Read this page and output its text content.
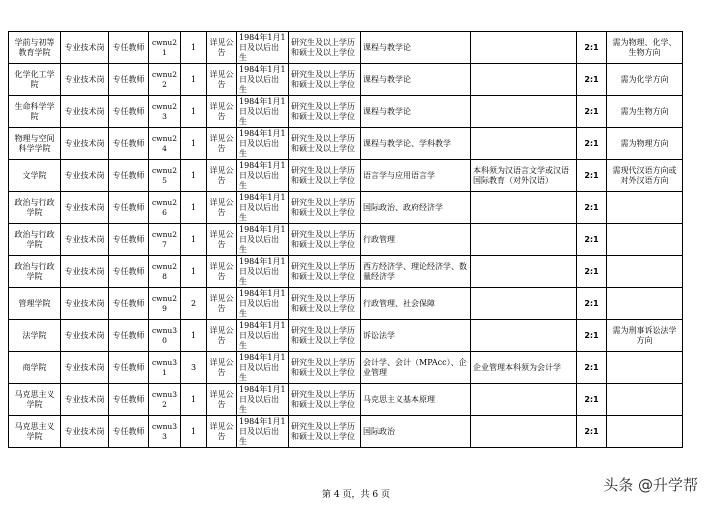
学前与初等教育学院	专业技术岗	专任教师	cwnu21	1	详见公告	1984年1月1日及以后出生	研究生及以上学历和硕士及以上学位	课程与教学论		2:1	需为物理、化学、生物方向
化学化工学院	专业技术岗	专任教师	cwnu22	1	详见公告	1984年1月1日及以后出生	研究生及以上学历和硕士及以上学位	课程与教学论		2:1	需为化学方向
生命科学学院	专业技术岗	专任教师	cwnu23	1	详见公告	1984年1月1日及以后出生	研究生及以上学历和硕士及以上学位	课程与教学论		2:1	需为生物方向
物理与空间科学学院	专业技术岗	专任教师	cwnu24	1	详见公告	1984年1月1日及以后出生	研究生及以上学历和硕士及以上学位	课程与教学论、学科教学		2:1	需为物理方向
文学院	专业技术岗	专任教师	cwnu25	1	详见公告	1984年1月1日及以后出生	研究生及以上学历和硕士及以上学位	语言学与应用语言学	本科须为汉语言文学或汉语国际教育（对外汉语）	2:1	需现代汉语方向或对外汉语方向
政治与行政学院	专业技术岗	专任教师	cwnu26	1	详见公告	1984年1月1日及以后出生	研究生及以上学历和硕士及以上学位	国际政治、政府经济学		2:1	
政治与行政学院	专业技术岗	专任教师	cwnu27	1	详见公告	1984年1月1日及以后出生	研究生及以上学历和硕士及以上学位	行政管理		2:1	
政治与行政学院	专业技术岗	专任教师	cwnu28	1	详见公告	1984年1月1日及以后出生	研究生及以上学历和硕士及以上学位	西方经济学、理论经济学、数量经济学		2:1	
管理学院	专业技术岗	专任教师	cwnu29	2	详见公告	1984年1月1日及以后出生	研究生及以上学历和硕士及以上学位	行政管理、社会保障		2:1	
法学院	专业技术岗	专任教师	cwnu30	1	详见公告	1984年1月1日及以后出生	研究生及以上学历和硕士及以上学位	诉讼法学		2:1	需为刑事诉讼法学方向
商学院	专业技术岗	专任教师	cwnu31	3	详见公告	1984年1月1日及以后出生	研究生及以上学历和硕士及以上学位	会计学、会计（MPAcc）、企业管理	企业管理本科须为会计学	2:1	
马克思主义学院	专业技术岗	专任教师	cwnu32	1	详见公告	1984年1月1日及以后出生	研究生及以上学历和硕士及以上学位	马克思主义基本原理		2:1	
马克思主义学院	专业技术岗	专任教师	cwnu33	1	详见公告	1984年1月1日及以后出生	研究生及以上学历和硕士及以上学位	国际政治		2:1	
第 4 页，共 6 页
头条 @升学帮
